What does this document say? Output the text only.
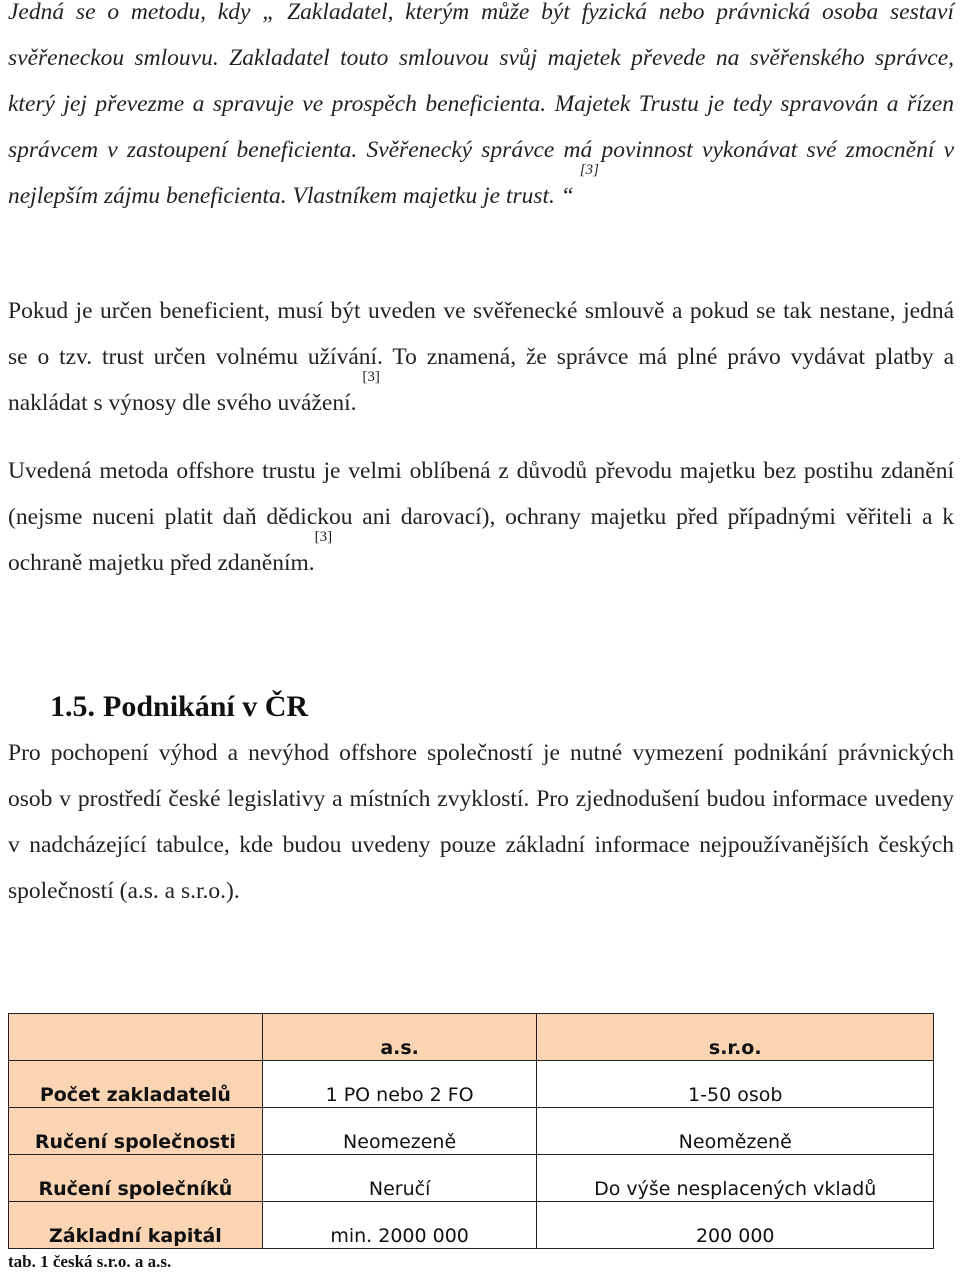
Jedná se o metodu, kdy „ Zakladatel, kterým může být fyzická nebo právnická osoba sestaví svěřeneckou smlouvu. Zakladatel touto smlouvou svůj majetek převede na svěřenského správce, který jej převezme a spravuje ve prospěch beneficienta. Majetek Trustu je tedy spravován a řízen správcem v zastoupení beneficienta. Svěřenecký správce má povinnost vykonávat své zmocnění v nejlepším zájmu beneficienta. Vlastníkem majetku je trust. “ [3]

Pokud je určen beneficient, musí být uveden ve svěřenecké smlouvě a pokud se tak nestane, jedná se o tzv. trust určen volnému užívání. To znamená, že správce má plné právo vydávat platby a nakládat s výnosy dle svého uvážení. [3]

Uvedená metoda offshore trustu je velmi oblíbená z důvodů převodu majetku bez postihu zdanění (nejsme nuceni platit daň dědickou ani darovací), ochrany majetku před případnými věřiteli a k ochraně majetku před zdaněním.[3]

1.5. Podnikání v ČR

Pro pochopení výhod a nevýhod offshore společností je nutné vymezení podnikání právnických osob v prostředí české legislativy a místních zvyklostí. Pro zjednodušení budou informace uvedeny v nadcházející tabulce, kde budou uvedeny pouze základní informace nejpoužívanějších českých společností (a.s. a s.r.o.).

	a.s.	s.r.o.
Počet zakladatelů	1 PO nebo 2 FO	1-50 osob
Ručení společnosti	Neomezeně	Neomězeně
Ručení společníků	Neručí	Do výše nesplacených vkladů
Základní kapitál	min. 2000 000	200 000

tab. 1 česká s.r.o. a a.s.
